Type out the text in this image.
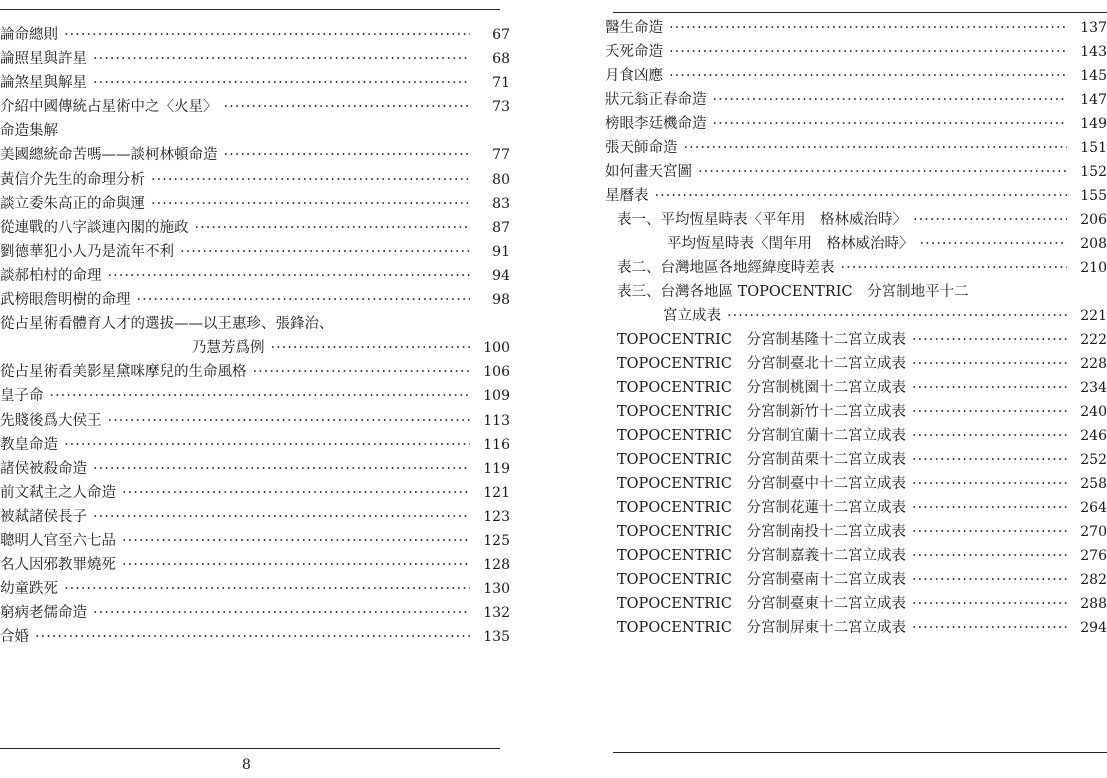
論命總則 ·····	67
論照星與許星 ·····	68
論煞星與解星 ·····	71
介紹中國傳統占星術中之〈火星〉 ·····	73
命造集解
美國總統命苦嗎——談柯林頓命造 ·····	77
黃信介先生的命理分析 ·····	80
談立委朱高正的命與運 ·····	83
從連戰的八字談連內閣的施政 ·····	87
劉德華犯小人乃是流年不利 ·····	91
談郝柏村的命理 ·····	94
武榜眼詹明樹的命理 ·····	98
從占星術看體育人才的選拔——以王惠珍、張鋒治、
乃慧芳爲例 ·····	100
從占星術看美影星黛咪摩兒的生命風格 ·····	106
皇子命 ·····	109
先賤後爲大侯王 ·····	113
教皇命造 ·····	116
諸侯被殺命造 ·····	119
前文弒主之人命造 ·····	121
被弒諸侯長子 ·····	123
聰明人官至六七品 ·····	125
名人因邪教罪燒死 ·····	128
幼童跌死 ·····	130
窮病老儒命造 ·····	132
合婚 ·····	135
8
醫生命造 ·····	137
夭死命造 ·····	143
月食凶應 ·····	145
狀元翁正春命造 ·····	147
榜眼李廷機命造 ·····	149
張天師命造 ·····	151
如何畫天宮圖 ·····	152
星曆表 ·····	155
表一、平均恆星時表〈平年用　格林威治時〉 ·····	206
平均恆星時表〈閏年用　格林威治時〉 ·····	208
表二、台灣地區各地經緯度時差表 ·····	210
表三、台灣各地區 TOPOCENTRIC　分宮制地平十二
宮立成表 ·····	221
TOPOCENTRIC　分宮制基隆十二宮立成表 ·····	222
TOPOCENTRIC　分宮制臺北十二宮立成表 ·····	228
TOPOCENTRIC　分宮制桃園十二宮立成表 ·····	234
TOPOCENTRIC　分宮制新竹十二宮立成表 ·····	240
TOPOCENTRIC　分宮制宜蘭十二宮立成表 ·····	246
TOPOCENTRIC　分宮制苗栗十二宮立成表 ·····	252
TOPOCENTRIC　分宮制臺中十二宮立成表 ·····	258
TOPOCENTRIC　分宮制花蓮十二宮立成表 ·····	264
TOPOCENTRIC　分宮制南投十二宮立成表 ·····	270
TOPOCENTRIC　分宮制嘉義十二宮立成表 ·····	276
TOPOCENTRIC　分宮制臺南十二宮立成表 ·····	282
TOPOCENTRIC　分宮制臺東十二宮立成表 ·····	288
TOPOCENTRIC　分宮制屏東十二宮立成表 ·····	294
